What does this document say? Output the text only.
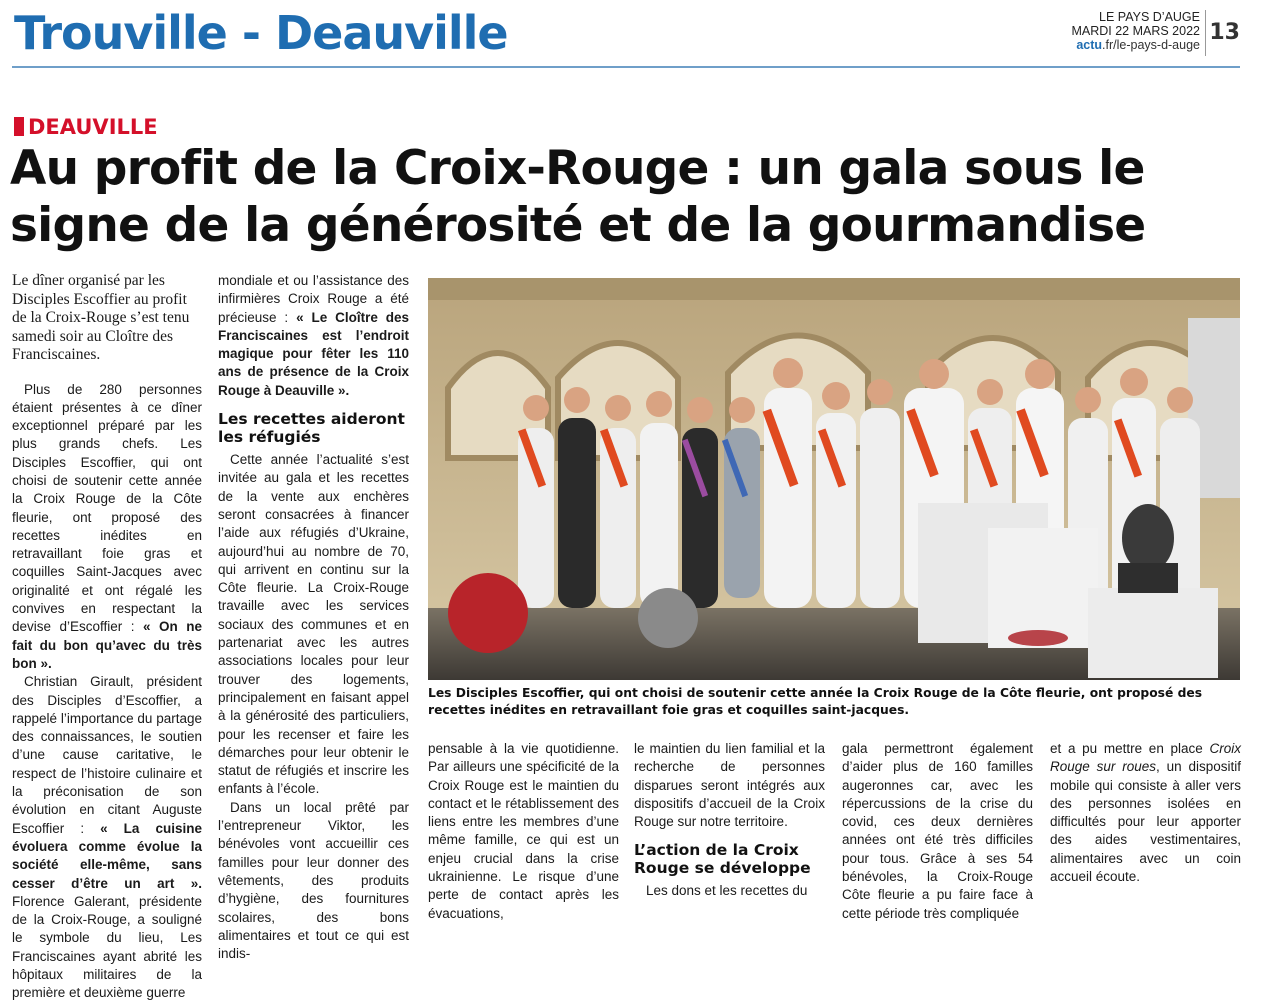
Trouville - Deauville	LE PAYS D’AUGE
MARDI 22 MARS 2022
actu.fr/le-pays-d-auge 13
DEAUVILLE
Au profit de la Croix-Rouge : un gala sous le signe de la générosité et de la gourmandise

Le dîner organisé par les Disciples Escoffier au profit de la Croix-Rouge s’est tenu samedi soir au Cloître des Franciscaines.

Plus de 280 personnes étaient présentes à ce dîner exceptionnel préparé par les plus grands chefs. Les Disciples Escoffier, qui ont choisi de soutenir cette année la Croix Rouge de la Côte fleurie, ont proposé des recettes inédites en retravaillant foie gras et coquilles Saint-Jacques avec originalité et ont régalé les convives en respectant la devise d’Escoffier : « On ne fait du bon qu’avec du très bon ».

Christian Girault, président des Disciples d’Escoffier, a rappelé l’importance du partage des connaissances, le soutien d’une cause caritative, le respect de l’histoire culinaire et la préconisation de son évolution en citant Auguste Escoffier : « La cuisine évoluera comme évolue la société elle-même, sans cesser d’être un art ». Florence Galerant, présidente de la Croix-Rouge, a souligné le symbole du lieu, Les Franciscaines ayant abrité les hôpitaux militaires de la première et deuxième guerre

mondiale et ou l’assistance des infirmières Croix Rouge a été précieuse : « Le Cloître des Franciscaines est l’endroit magique pour fêter les 110 ans de présence de la Croix Rouge à Deauville ».

Les recettes aideront les réfugiés

Cette année l’actualité s’est invitée au gala et les recettes de la vente aux enchères seront consacrées à financer l’aide aux réfugiés d’Ukraine, aujourd’hui au nombre de 70, qui arrivent en continu sur la Côte fleurie. La Croix-Rouge travaille avec les services sociaux des communes et en partenariat avec les autres associations locales pour leur trouver des logements, principalement en faisant appel à la générosité des particuliers, pour les recenser et faire les démarches pour leur obtenir le statut de réfugiés et inscrire les enfants à l’école.

Dans un local prêté par l’entrepreneur Viktor, les bénévoles vont accueillir ces familles pour leur donner des vêtements, des produits d’hygiène, des fournitures scolaires, des bons alimentaires et tout ce qui est indis-

Les Disciples Escoffier, qui ont choisi de soutenir cette année la Croix Rouge de la Côte fleurie, ont proposé des recettes inédites en retravaillant foie gras et coquilles saint-jacques.

pensable à la vie quotidienne. Par ailleurs une spécificité de la Croix Rouge est le maintien du contact et le rétablissement des liens entre les membres d’une même famille, ce qui est un enjeu crucial dans la crise ukrainienne. Le risque d’une perte de contact après les évacuations,

le maintien du lien familial et la recherche de personnes disparues seront intégrés aux dispositifs d’accueil de la Croix Rouge sur notre territoire.

L’action de la Croix Rouge se développe

Les dons et les recettes du

gala permettront également d’aider plus de 160 familles augeronnes car, avec les répercussions de la crise du covid, ces deux dernières années ont été très difficiles pour tous. Grâce à ses 54 bénévoles, la Croix-Rouge Côte fleurie a pu faire face à cette période très compliquée

et a pu mettre en place Croix Rouge sur roues, un dispositif mobile qui consiste à aller vers des personnes isolées en difficultés pour leur apporter des aides vestimentaires, alimentaires avec un coin accueil écoute.
